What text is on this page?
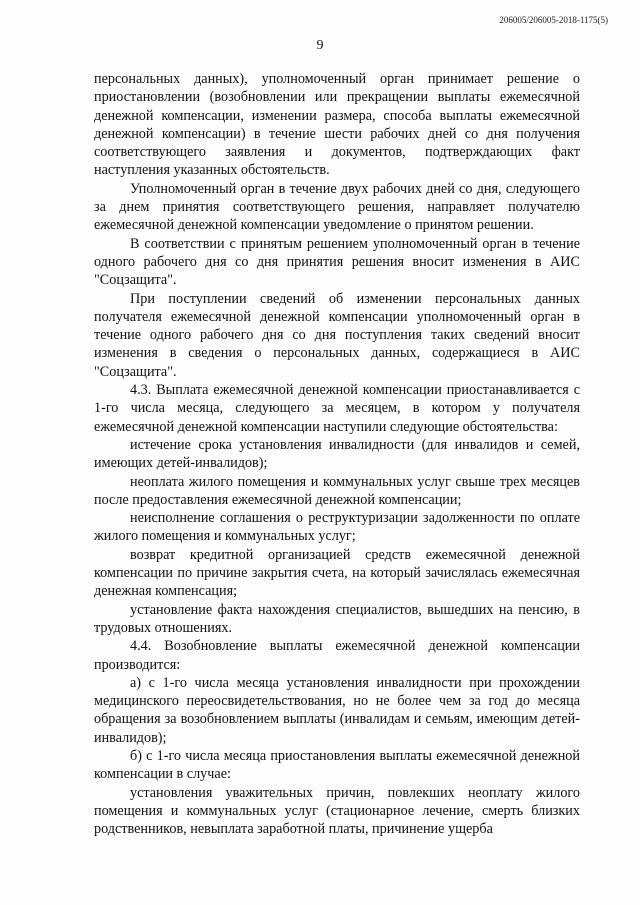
206005/206005-2018-1175(5)
9

персональных данных), уполномоченный орган принимает решение о приостановлении (возобновлении или прекращении выплаты ежемесячной денежной компенсации, изменении размера, способа выплаты ежемесячной денежной компенсации) в течение шести рабочих дней со дня получения соответствующего заявления и документов, подтверждающих факт наступления указанных обстоятельств.

Уполномоченный орган в течение двух рабочих дней со дня, следующего за днем принятия соответствующего решения, направляет получателю ежемесячной денежной компенсации уведомление о принятом решении.

В соответствии с принятым решением уполномоченный орган в течение одного рабочего дня со дня принятия решения вносит изменения в АИС "Соцзащита".

При поступлении сведений об изменении персональных данных получателя ежемесячной денежной компенсации уполномоченный орган в течение одного рабочего дня со дня поступления таких сведений вносит изменения в сведения о персональных данных, содержащиеся в АИС "Соцзащита".

4.3. Выплата ежемесячной денежной компенсации приостанавливается с 1-го числа месяца, следующего за месяцем, в котором у получателя ежемесячной денежной компенсации наступили следующие обстоятельства:

истечение срока установления инвалидности (для инвалидов и семей, имеющих детей-инвалидов);

неоплата жилого помещения и коммунальных услуг свыше трех месяцев после предоставления ежемесячной денежной компенсации;

неисполнение соглашения о реструктуризации задолженности по оплате жилого помещения и коммунальных услуг;

возврат кредитной организацией средств ежемесячной денежной компенсации по причине закрытия счета, на который зачислялась ежемесячная денежная компенсация;

установление факта нахождения специалистов, вышедших на пенсию, в трудовых отношениях.

4.4. Возобновление выплаты ежемесячной денежной компенсации производится:

а) с 1-го числа месяца установления инвалидности при прохождении медицинского переосвидетельствования, но не более чем за год до месяца обращения за возобновлением выплаты (инвалидам и семьям, имеющим детей-инвалидов);

б) с 1-го числа месяца приостановления выплаты ежемесячной денежной компенсации в случае:

установления уважительных причин, повлекших неоплату жилого помещения и коммунальных услуг (стационарное лечение, смерть близких родственников, невыплата заработной платы, причинение ущерба
